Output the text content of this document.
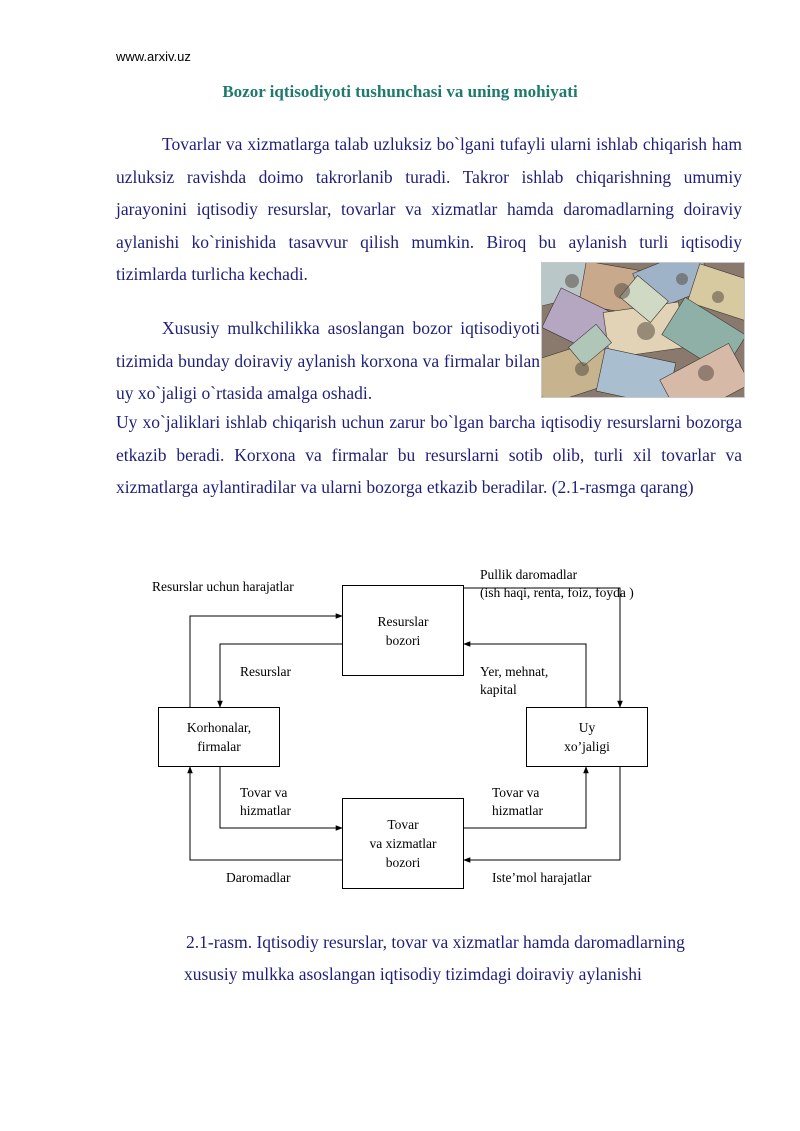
www.arxiv.uz
Bozor iqtisodiyoti tushunchasi va uning mohiyati

Tovarlar va xizmatlarga talab uzluksiz bo`lgani tufayli ularni ishlab chiqarish ham uzluksiz ravishda doimo takrorlanib turadi. Takror ishlab chiqarishning umumiy jarayonini iqtisodiy resurslar, tovarlar va xizmatlar hamda daromadlarning doiraviy aylanishi ko`rinishida tasavvur qilish mumkin. Biroq bu aylanish turli iqtisodiy tizimlarda turlicha kechadi.

Xususiy mulkchilikka asoslangan bozor iqtisodiyoti tizimida bunday doiraviy aylanish korxona va firmalar bilan uy xo`jaligi o`rtasida amalga oshadi.

Uy xo`jaliklari ishlab chiqarish uchun zarur bo`lgan barcha iqtisodiy resurslarni bozorga etkazib beradi. Korxona va firmalar bu resurslarni sotib olib, turli xil tovarlar va xizmatlarga aylantiradilar va ularni bozorga etkazib beradilar. (2.1-rasmga qarang)

Resurslar
bozori
Korhonalar,
firmalar
Uy
xo’jaligi
Tovar
va xizmatlar
bozori
Resurslar uchun harajatlar
Pullik daromadlar
(ish haqi, renta, foiz, foyda )
Resurslar	Yer, mehnat,
kapital
Tovar va
hizmatlar
Tovar va
hizmatlar
Daromadlar	Iste’mol harajatlar
2.1-rasm. Iqtisodiy resurslar, tovar va xizmatlar hamda daromadlarning
xususiy mulkka asoslangan iqtisodiy tizimdagi doiraviy aylanishi
